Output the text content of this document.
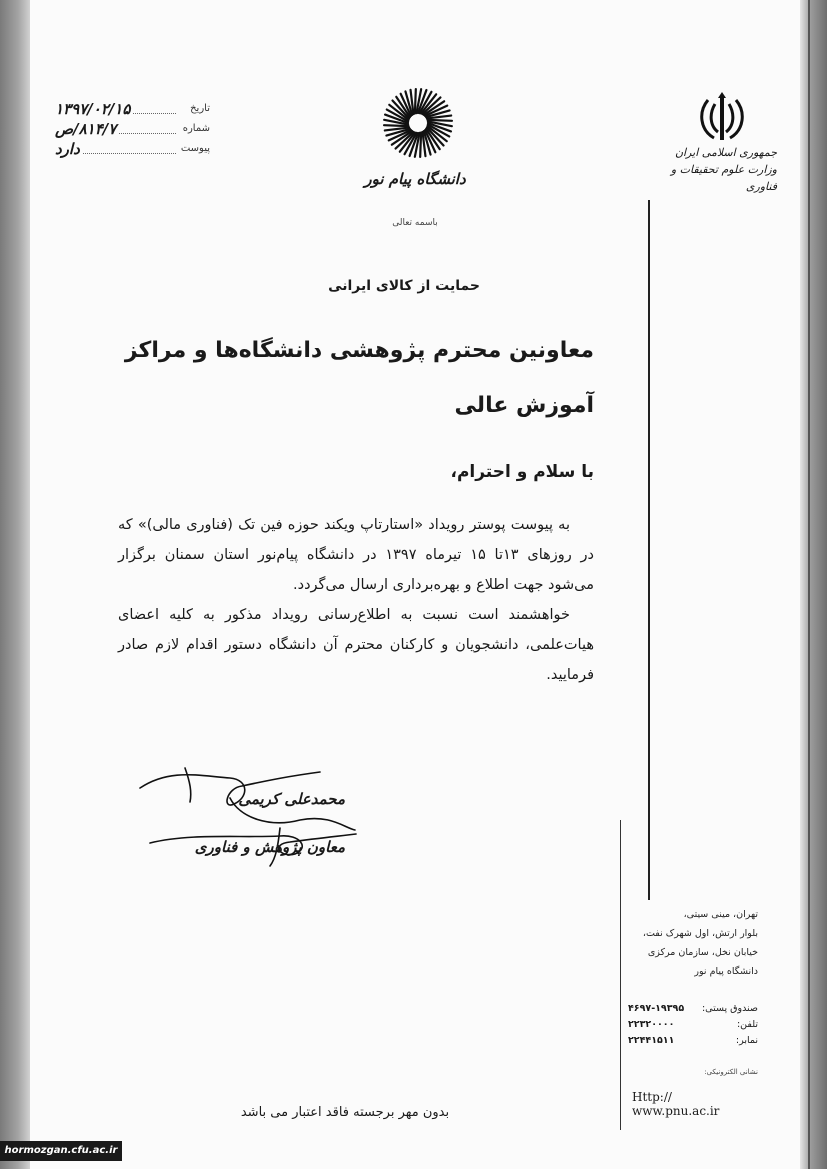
جمهوری اسلامی ایران
وزارت علوم تحقیقات و فناوری
دانشگاه پیام نور
باسمه تعالی
تاریخ
۱۳۹۷/۰۲/۱۵
شماره
۸۱۴/۷/ص
پیوست
دارد
حمایت از کالای ایرانی
معاونین محترم پژوهشی دانشگاه‌ها و مراکز
آموزش عالی
با سلام و احترام،

به پیوست پوستر رویداد «استارتاپ ویکند حوزه فین تک (فناوری مالی)» که در روزهای ۱۳تا ۱۵ تیرماه ۱۳۹۷ در دانشگاه پیام‌نور استان سمنان برگزار می‌شود جهت اطلاع و بهره‌برداری ارسال می‌گردد.

خواهشمند است نسبت به اطلاع‌رسانی رویداد مذکور به کلیه اعضای هیات‌علمی، دانشجویان و کارکنان محترم آن دانشگاه دستور اقدام لازم صادر فرمایید.

محمدعلی کریمی
معاون پژوهش و فناوری
تهران، مینی سیتی،
بلوار ارتش، اول شهرک نفت،
خیابان نخل، سازمان مرکزی
دانشگاه پیام نور
صندوق پستی:
۴۶۹۷-۱۹۳۹۵
تلفن:
۲۲۳۲۰۰۰۰
نمابر:
۲۲۴۴۱۵۱۱
نشانی الکترونیکی:
Http:// www.pnu.ac.ir
بدون مهر برجسته فاقد اعتبار می باشد
hormozgan.cfu.ac.ir
